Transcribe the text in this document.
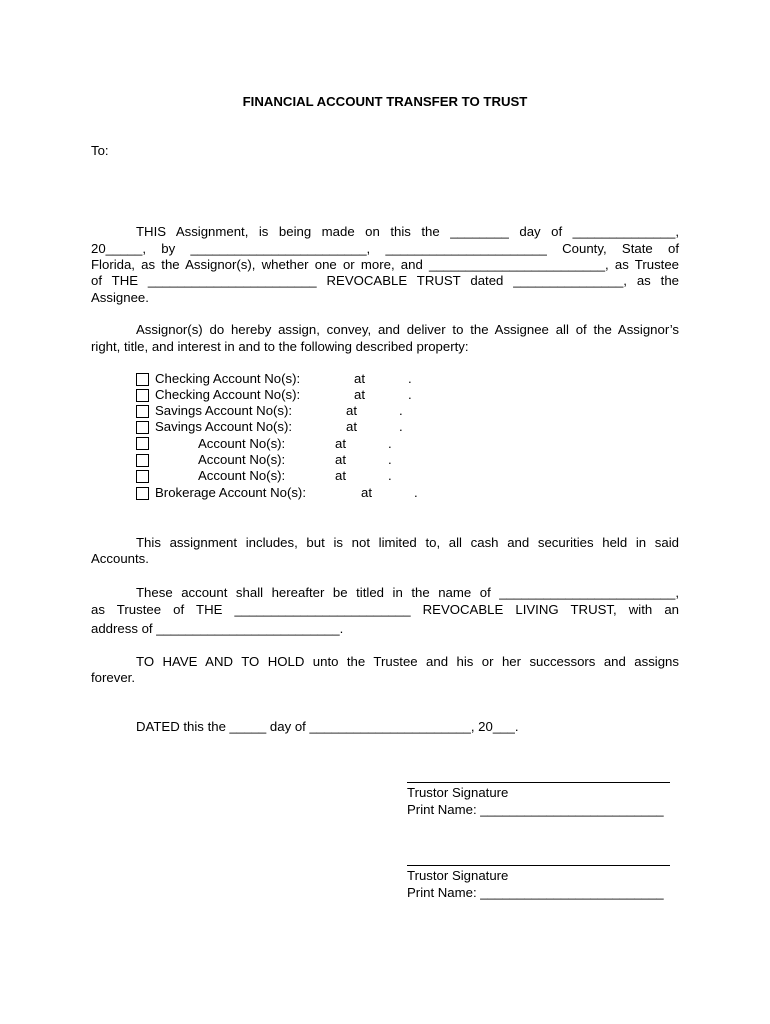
FINANCIAL ACCOUNT TRANSFER TO TRUST
To:
THIS Assignment, is being made on this the ________ day of ______________,
20_____, by ________________________, ______________________ County, State of
Florida, as the Assignor(s), whether one or more, and ________________________, as Trustee
of THE _______________________ REVOCABLE TRUST dated _______________, as the
Assignee.
Assignor(s) do hereby assign, convey, and deliver to the Assignee all of the Assignor’s
right, title, and interest in and to the following described property:
Checking Account No(s):	at	.
Checking Account No(s):	at	.
Savings Account No(s):	at	.
Savings Account No(s):	at	.
Account No(s):	at	.
Account No(s):	at	.
Account No(s):	at	.
Brokerage Account No(s):	at	.
This assignment includes, but is not limited to, all cash and securities held in said
Accounts.
These account shall hereafter be titled in the name of ________________________,
as Trustee of THE ________________________ REVOCABLE LIVING TRUST, with an
address of _________________________.
TO HAVE AND TO HOLD unto the Trustee and his or her successors and assigns
forever.
DATED this the _____ day of ______________________, 20___.
Trustor Signature
Print Name: _________________________
Trustor Signature
Print Name: _________________________
